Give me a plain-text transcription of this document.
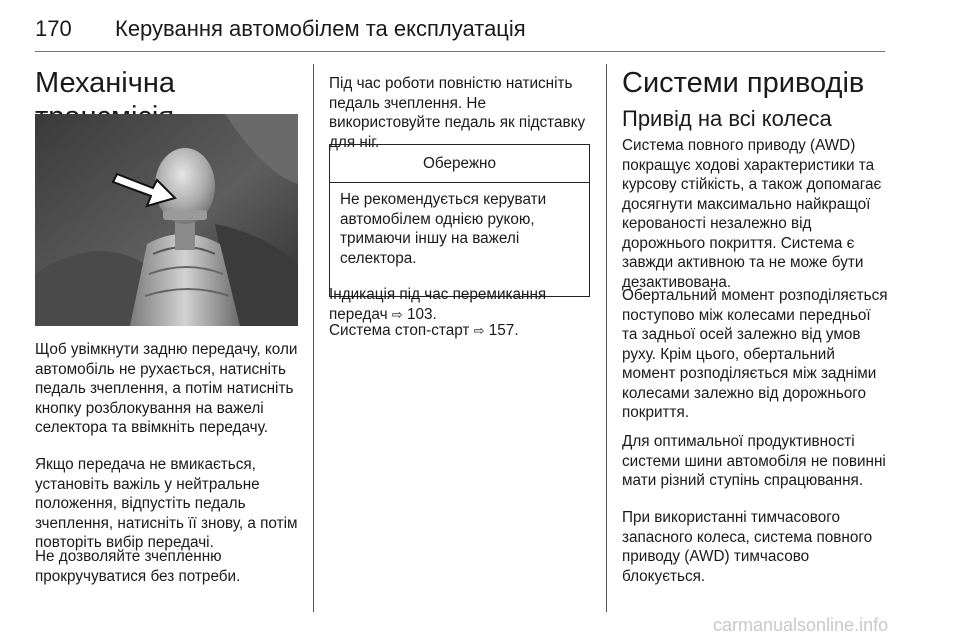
170 Керування автомобілем та експлуатація
Механічна

Щоб увімкнути задню передачу, коли автомобіль не рухається, натисніть педаль зчеплення, а потім натисніть кнопку розблокування на важелі селектора та ввімкніть передачу.

Якщо передача не вмикається, установіть важіль у нейтральне положення, відпустіть педаль зчеплення, натисніть її знову, а потім повторіть вибір передачі.

Не дозволяйте зчепленню прокручуватися без потреби.

Під час роботи повністю натисніть педаль зчеплення. Не використовуйте педаль як підставку для ніг.

Обережно

Не рекомендується керувати автомобілем однією рукою, тримаючи іншу на важелі селектора.

Індикація під час перемикання передач ⇨ 103.

Система стоп-старт ⇨ 157.

Системи приводів
Привід на всі колеса

Система повного приводу (AWD) покращує ходові характеристики та курсову стійкість, а також допомагає досягнути максимально найкращої керованості незалежно від дорожнього покриття. Система є завжди активною та не може бути дезактивована.

Обертальний момент розподіляється поступово між колесами передньої та задньої осей залежно від умов руху. Крім цього, обертальний момент розподіляється між задніми колесами залежно від дорожнього покриття.

Для оптимальної продуктивності системи шини автомобіля не повинні мати різний ступінь спрацювання.

При використанні тимчасового запасного колеса, система повного приводу (AWD) тимчасово блокується.

carmanualsonline.info
